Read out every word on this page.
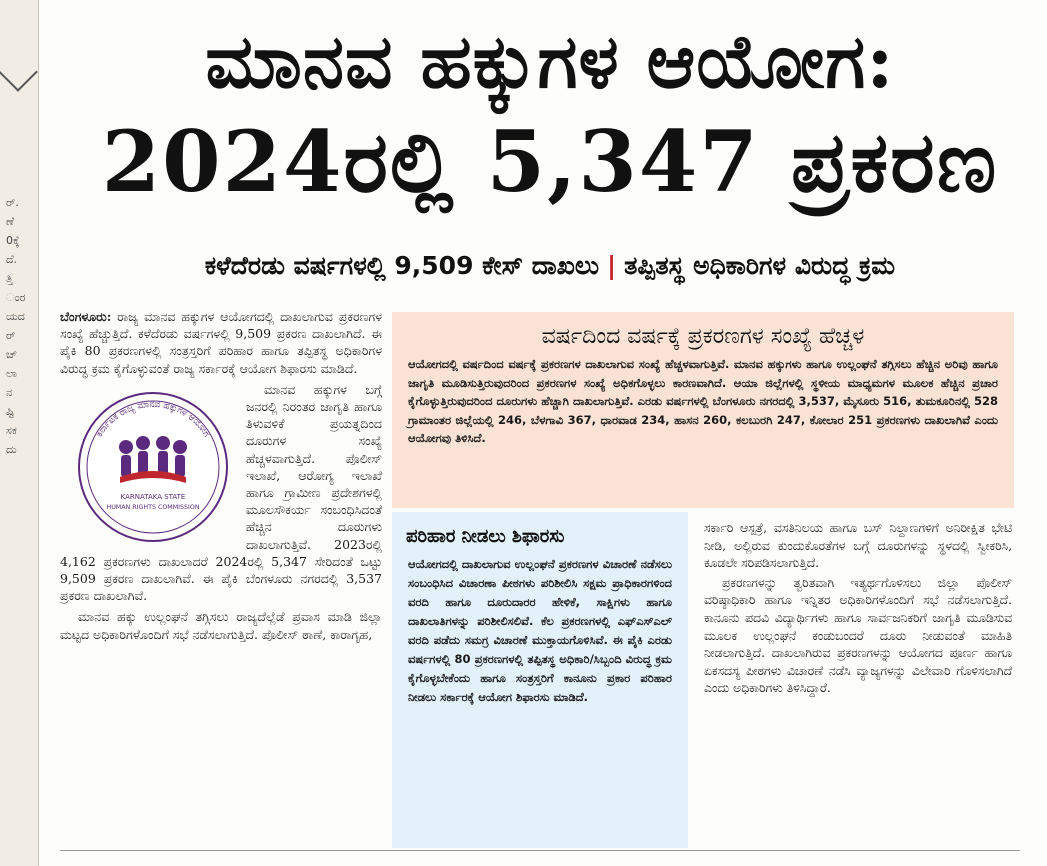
ರ್.
ಣೆ
0ಕ್ಕೆ
ದೆ.
ತ್ತಿ
ಂರ
ಯದ
ರ್
ಚ್
ಲಾ
ನ
ಷ್ಟಿ
ಸಕ
ದು
ಮಾನವ ಹಕ್ಕುಗಳ ಆಯೋಗ:
2024ರಲ್ಲಿ 5,347 ಪ್ರಕರಣ
ಕಳೆದೆರಡು ವರ್ಷಗಳಲ್ಲಿ 9,509 ಕೇಸ್ ದಾಖಲು | ತಪ್ಪಿತಸ್ಥ ಅಧಿಕಾರಿಗಳ ವಿರುದ್ಧ ಕ್ರಮ

ಬೆಂಗಳೂರು: ರಾಜ್ಯ ಮಾನವ ಹಕ್ಕುಗಳ ಆಯೋಗದಲ್ಲಿ ದಾಖಲಾಗುವ ಪ್ರಕರಣಗಳ ಸಂಖ್ಯೆ ಹೆಚ್ಚುತ್ತಿದೆ. ಕಳೆದೆರಡು ವರ್ಷಗಳಲ್ಲಿ 9,509 ಪ್ರಕರಣ ದಾಖಲಾಗಿದೆ. ಈ ಪೈಕಿ 80 ಪ್ರಕರಣಗಳಲ್ಲಿ ಸಂತ್ರಸ್ತರಿಗೆ ಪರಿಹಾರ ಹಾಗೂ ತಪ್ಪಿತಸ್ಥ ಅಧಿಕಾರಿಗಳ ವಿರುದ್ಧ ಕ್ರಮ ಕೈಗೊಳ್ಳುವಂತೆ ರಾಜ್ಯ ಸರ್ಕಾರಕ್ಕೆ ಆಯೋಗ ಶಿಫಾರಸು ಮಾಡಿದೆ.

ಕರ್ನಾಟಕ ರಾಜ್ಯ ಮಾನವ ಹಕ್ಕುಗಳ ಆಯೋಗ
KARNATAKA STATE
HUMAN RIGHTS COMMISSION

ಮಾನವ ಹಕ್ಕುಗಳ ಬಗ್ಗೆ ಜನರಲ್ಲಿ ನಿರಂತರ ಜಾಗೃತಿ ಹಾಗೂ ತಿಳುವಳಿಕೆ ಪ್ರಯತ್ನದಿಂದ ದೂರುಗಳ ಸಂಖ್ಯೆ ಹೆಚ್ಚಳವಾಗುತ್ತಿದೆ. ಪೊಲೀಸ್ ಇಲಾಖೆ, ಆರೋಗ್ಯ ಇಲಾಖೆ ಹಾಗೂ ಗ್ರಾಮೀಣ ಪ್ರದೇಶಗಳಲ್ಲಿ ಮೂಲಸೌಕರ್ಯ ಸಂಬಂಧಿಸಿದಂತೆ ಹೆಚ್ಚಿನ ದೂರುಗಳು ದಾಖಲಾಗುತ್ತಿವೆ. 2023ರಲ್ಲಿ 4,162 ಪ್ರಕರಣಗಳು ದಾಖಲಾದರೆ 2024ರಲ್ಲಿ 5,347 ಸೇರಿದಂತೆ ಒಟ್ಟು 9,509 ಪ್ರಕರಣ ದಾಖಲಾಗಿವೆ. ಈ ಪೈಕಿ ಬೆಂಗಳೂರು ನಗರದಲ್ಲಿ 3,537 ಪ್ರಕರಣ ದಾಖಲಾಗಿವೆ.

ಮಾನವ ಹಕ್ಕು ಉಲ್ಲಂಘನೆ ತಗ್ಗಿಸಲು ರಾಜ್ಯದೆಲ್ಲೆಡೆ ಪ್ರವಾಸ ಮಾಡಿ ಜಿಲ್ಲಾ ಮಟ್ಟದ ಅಧಿಕಾರಿಗಳೊಂದಿಗೆ ಸಭೆ ನಡೆಸಲಾಗುತ್ತಿದೆ. ಪೊಲೀಸ್ ಠಾಣೆ, ಕಾರಾಗೃಹ,

ವರ್ಷದಿಂದ ವರ್ಷಕ್ಕೆ ಪ್ರಕರಣಗಳ ಸಂಖ್ಯೆ ಹೆಚ್ಚಳ

ಆಯೋಗದಲ್ಲಿ ವರ್ಷದಿಂದ ವರ್ಷಕ್ಕೆ ಪ್ರಕರಣಗಳ ದಾಖಲಾಗುವ ಸಂಖ್ಯೆ ಹೆಚ್ಚಳವಾಗುತ್ತಿವೆ. ಮಾನವ ಹಕ್ಕುಗಳು ಹಾಗೂ ಉಲ್ಲಂಘನೆ ತಗ್ಗಿಸಲು ಹೆಚ್ಚಿನ ಅರಿವು ಹಾಗೂ ಜಾಗೃತಿ ಮೂಡಿಸುತ್ತಿರುವುದರಿಂದ ಪ್ರಕರಣಗಳ ಸಂಖ್ಯೆ ಅಧಿಕಗೊಳ್ಳಲು ಕಾರಣವಾಗಿದೆ. ಆಯಾ ಜಿಲ್ಲೆಗಳಲ್ಲಿ ಸ್ಥಳೀಯ ಮಾಧ್ಯಮಗಳ ಮೂಲಕ ಹೆಚ್ಚಿನ ಪ್ರಚಾರ ಕೈಗೊಳ್ಳುತ್ತಿರುವುದರಿಂದ ದೂರುಗಳು ಹೆಚ್ಚಾಗಿ ದಾಖಲಾಗುತ್ತಿವೆ. ಎರಡು ವರ್ಷಗಳಲ್ಲಿ ಬೆಂಗಳೂರು ನಗರದಲ್ಲಿ 3,537, ಮೈಸೂರು 516, ತುಮಕೂರಿನಲ್ಲಿ 528 ಗ್ರಾಮಾಂತರ ಜಿಲ್ಲೆಯಲ್ಲಿ 246, ಬೆಳಗಾವಿ 367, ಧಾರವಾಡ 234, ಹಾಸನ 260, ಕಲಬುರಗಿ 247, ಕೋಲಾರ 251 ಪ್ರಕರಣಗಳು ದಾಖಲಾಗಿವೆ ಎಂದು ಆಯೋಗವು ತಿಳಿಸಿದೆ.

ಪರಿಹಾರ ನೀಡಲು ಶಿಫಾರಸು

ಆಯೋಗದಲ್ಲಿ ದಾಖಲಾಗುವ ಉಲ್ಲಂಘನೆ ಪ್ರಕರಣಗಳ ವಿಚಾರಣೆ ನಡೆಸಲು ಸಂಬಂಧಿಸಿದ ವಿಚಾರಣಾ ಪೀಠಗಳು ಪರಿಶೀಲಿಸಿ ಸಕ್ಷಮ ಪ್ರಾಧಿಕಾರಗಳಿಂದ ವರದಿ ಹಾಗೂ ದೂರುದಾರರ ಹೇಳಿಕೆ, ಸಾಕ್ಷಿಗಳು ಹಾಗೂ ದಾಖಲಾತಿಗಳನ್ನು ಪರಿಶೀಲಿಸಲಿವೆ. ಕೆಲ ಪ್ರಕರಣಗಳಲ್ಲಿ ಎಫ್ಎಸ್ಎಲ್ ವರದಿ ಪಡೆದು ಸಮಗ್ರ ವಿಚಾರಣೆ ಮುಕ್ತಾಯಗೊಳಿಸಿವೆ. ಈ ಪೈಕಿ ಎರಡು ವರ್ಷಗಳಲ್ಲಿ 80 ಪ್ರಕರಣಗಳಲ್ಲಿ ತಪ್ಪಿತಸ್ಥ ಅಧಿಕಾರಿ/ಸಿಬ್ಬಂದಿ ವಿರುದ್ಧ ಕ್ರಮ ಕೈಗೊಳ್ಳಬೇಕೆಂದು ಹಾಗೂ ಸಂತ್ರಸ್ತರಿಗೆ ಕಾನೂನು ಪ್ರಕಾರ ಪರಿಹಾರ ನೀಡಲು ಸರ್ಕಾರಕ್ಕೆ ಆಯೋಗ ಶಿಫಾರಸು ಮಾಡಿದೆ.

ಸರ್ಕಾರಿ ಆಸ್ಪತ್ರೆ, ವಸತಿನಿಲಯ ಹಾಗೂ ಬಸ್ ನಿಲ್ದಾಣಗಳಿಗೆ ಅನಿರೀಕ್ಷಿತ ಭೇಟಿ ನೀಡಿ, ಅಲ್ಲಿರುವ ಕುಂದುಕೊರತೆಗಳ ಬಗ್ಗೆ ದೂರುಗಳನ್ನು ಸ್ಥಳದಲ್ಲಿ ಸ್ವೀಕರಿಸಿ, ಕೂಡಲೇ ಸರಿಪಡಿಸಲಾಗುತ್ತಿದೆ.

ಪ್ರಕರಣಗಳನ್ನು ತ್ವರಿತವಾಗಿ ಇತ್ಯರ್ಥಗೊಳಿಸಲು ಜಿಲ್ಲಾ ಪೊಲೀಸ್ ವರಿಷ್ಠಾಧಿಕಾರಿ ಹಾಗೂ ಇನ್ನಿತರ ಅಧಿಕಾರಿಗಳೊಂದಿಗೆ ಸಭೆ ನಡೆಸಲಾಗುತ್ತಿದೆ. ಕಾನೂನು ಪದವಿ ವಿದ್ಯಾರ್ಥಿಗಳು ಹಾಗೂ ಸಾರ್ವಜನಿಕರಿಗೆ ಜಾಗೃತಿ ಮೂಡಿಸುವ ಮೂಲಕ ಉಲ್ಲಂಘನೆ ಕಂಡುಬಂದರೆ ದೂರು ನೀಡುವಂತೆ ಮಾಹಿತಿ ನೀಡಲಾಗುತ್ತಿದೆ. ದಾಖಲಾಗಿರುವ ಪ್ರಕರಣಗಳನ್ನು ಆಯೋಗದ ಪೂರ್ಣ ಹಾಗೂ ಏಕಸದಸ್ಯ ಪೀಠಗಳು ವಿಚಾರಣೆ ನಡೆಸಿ ವ್ಯಾಜ್ಯಗಳನ್ನು ವಿಲೇವಾರಿ ಗೊಳಿಸಲಾಗಿದೆ ಎಂದು ಅಧಿಕಾರಿಗಳು ತಿಳಿಸಿದ್ದಾರೆ.
